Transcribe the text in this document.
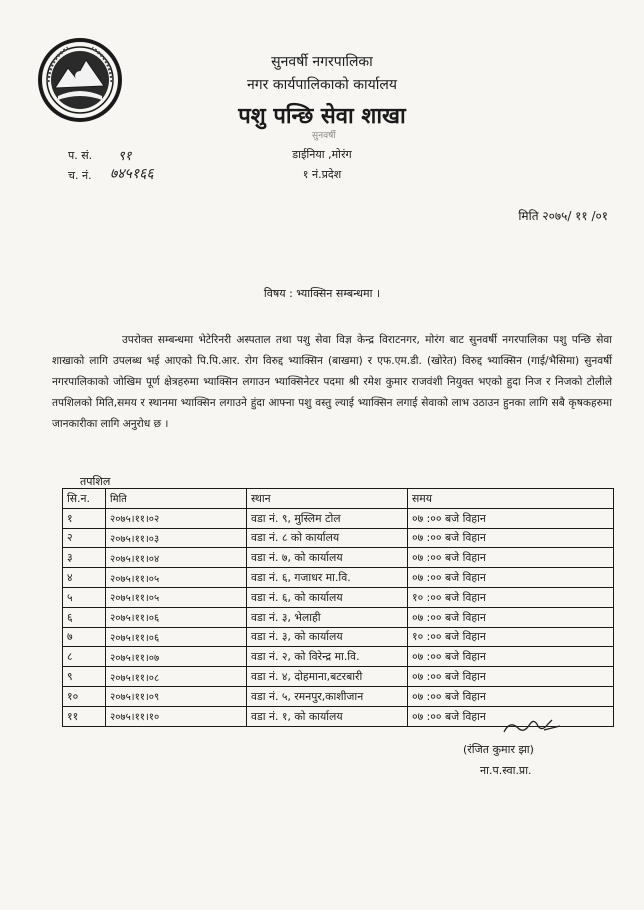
सुनवर्षी नगरपालिका
नगर कार्यपालिकाको कार्यालय
पशु पन्छि सेवा शाखा
सुनवर्षी
डाईनिया ,मोरंग
१ नं.प्रदेश
प. सं. ९१
च. नं. ७४५१६६
मिति २०७५/ ११ /०१
विषय : भ्याक्सिन सम्बन्धमा ।
उपरोक्त सम्बन्धमा भेटेरिनरी अस्पताल तथा पशु सेवा विज्ञ केन्द्र विराटनगर, मोरंग बाट सुनवर्षी नगरपालिका पशु पन्छि सेवा शाखाको लागि उपलब्ध भई आएको पि.पि.आर. रोग विरुद्द भ्याक्सिन (बाखमा) र एफ.एम.डी. (खोरेत) विरुद्द भ्याक्सिन (गाई/भैसिमा) सुनवर्षी नगरपालिकाको जोखिम पूर्ण क्षेत्रहरुमा भ्याक्सिन लगाउन भ्याक्सिनेटर पदमा श्री रमेश कुमार राजवंशी नियुक्त भएको हुदा निज र निजको टोलीले तपशिलको मिति,समय र स्थानमा भ्याक्सिन लगाउने हुंदा आफ्ना पशु वस्तु ल्याई भ्याक्सिन लगाई सेवाको लाभ उठाउन हुनका लागि सबै कृषकहरुमा जानकारीका लागि अनुरोध छ ।
तपशिल
सि.न.	मिति	स्थान	समय
१	२०७५।११।०२	वडा नं. ९, मुस्लिम टोल	०७ :०० बजे विहान
२	२०७५।११।०३	वडा नं. ८ को कार्यालय	०७ :०० बजे विहान
३	२०७५।११।०४	वडा नं. ७, को कार्यालय	०७ :०० बजे विहान
४	२०७५।११।०५	वडा नं. ६, गजाधर मा.वि.	०७ :०० बजे विहान
५	२०७५।११।०५	वडा नं. ६, को कार्यालय	१० :०० बजे विहान
६	२०७५।११।०६	वडा नं. ३, भेलाही	०७ :०० बजे विहान
७	२०७५।११।०६	वडा नं. ३, को कार्यालय	१० :०० बजे विहान
८	२०७५।११।०७	वडा नं. २, को विरेन्द्र मा.वि.	०७ :०० बजे विहान
९	२०७५।११।०८	वडा नं. ४, दोहमाना,बटरबारी	०७ :०० बजे विहान
१०	२०७५।११।०९	वडा नं. ५, रमनपुर,काशीजान	०७ :०० बजे विहान
११	२०७५।११।१०	वडा नं. १, को कार्यालय	०७ :०० बजे विहान
(रंजित कुमार झा)
ना.प.स्वा.प्रा.
